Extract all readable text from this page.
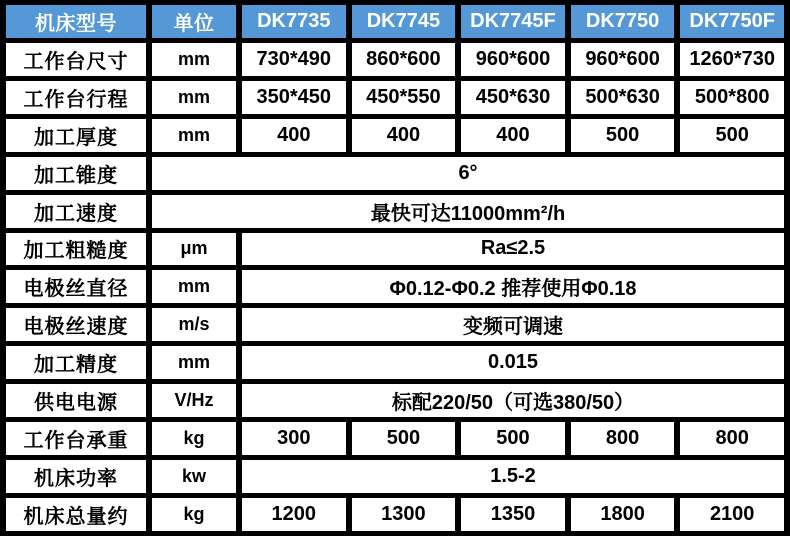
机床型号	单位	DK7735	DK7745	DK7745F	DK7750	DK7750F
工作台尺寸	mm	730*490	860*600	960*600	960*600	1260*730
工作台行程	mm	350*450	450*550	450*630	500*630	500*800
加工厚度	mm	400	400	400	500	500
加工锥度	6°					
加工速度	最快可达11000mm²/h					
加工粗糙度	μm	Ra≤2.5				
电极丝直径	mm	Φ0.12-Φ0.2 推荐使用Φ0.18				
电极丝速度	m/s	变频可调速				
加工精度	mm	0.015				
供电电源	V/Hz	标配220/50（可选380/50）				
工作台承重	kg	300	500	500	800	800
机床功率	kw	1.5-2				
机床总量约	kg	1200	1300	1350	1800	2100
